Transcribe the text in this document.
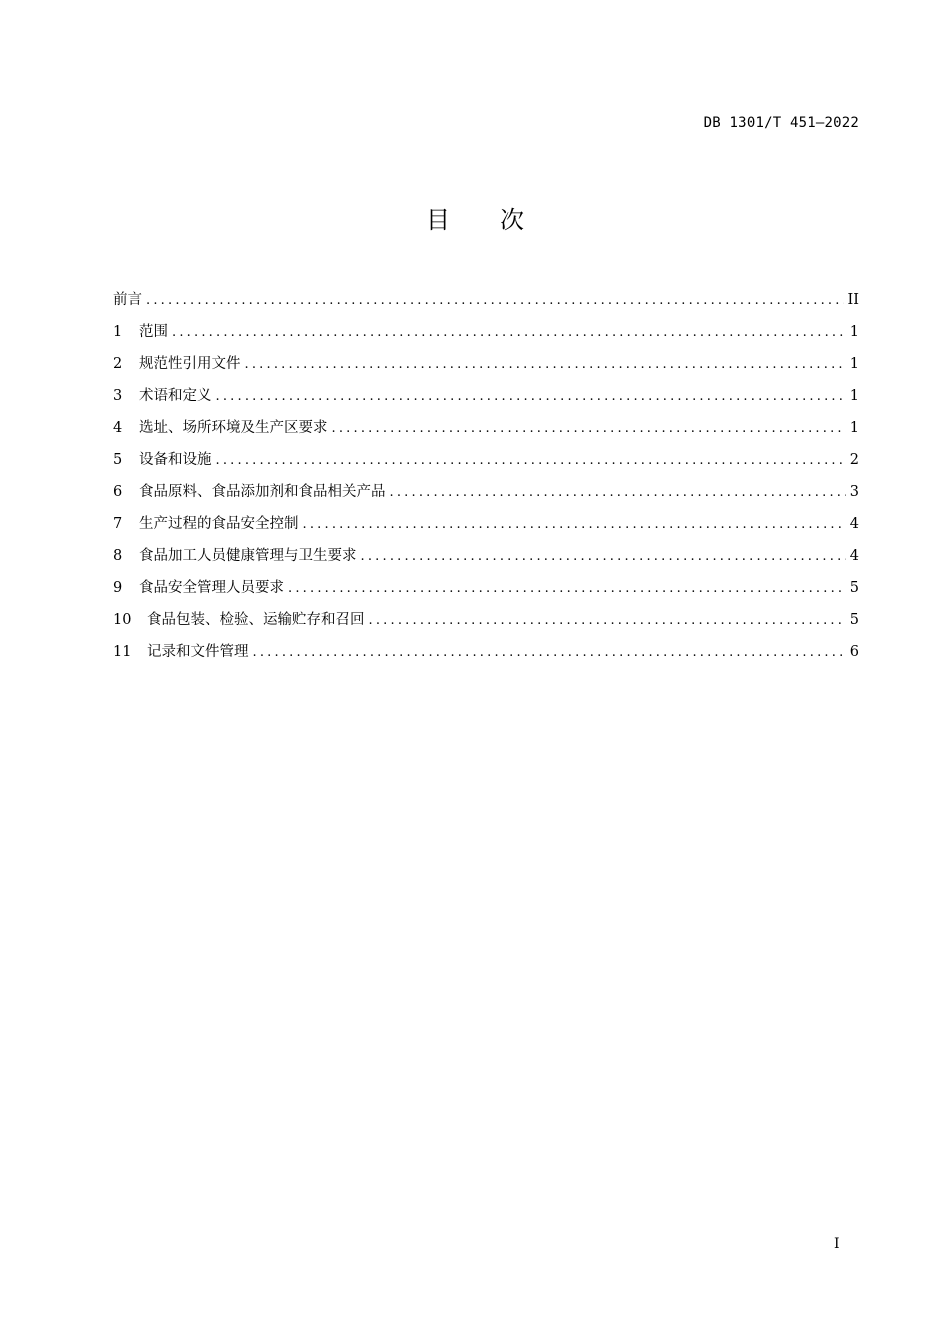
DB 1301/T 451—2022
目 次
前言 .....	II
1	范围 .....	1
2	规范性引用文件 .....	1
3	术语和定义 .....	1
4	选址、场所环境及生产区要求 .....	1
5	设备和设施 .....	2
6	食品原料、食品添加剂和食品相关产品 .....	3
7	生产过程的食品安全控制 .....	4
8	食品加工人员健康管理与卫生要求 .....	4
9	食品安全管理人员要求 .....	5
10 食品包装、检验、运输贮存和召回 .....	5
11 记录和文件管理 .....	6
I
